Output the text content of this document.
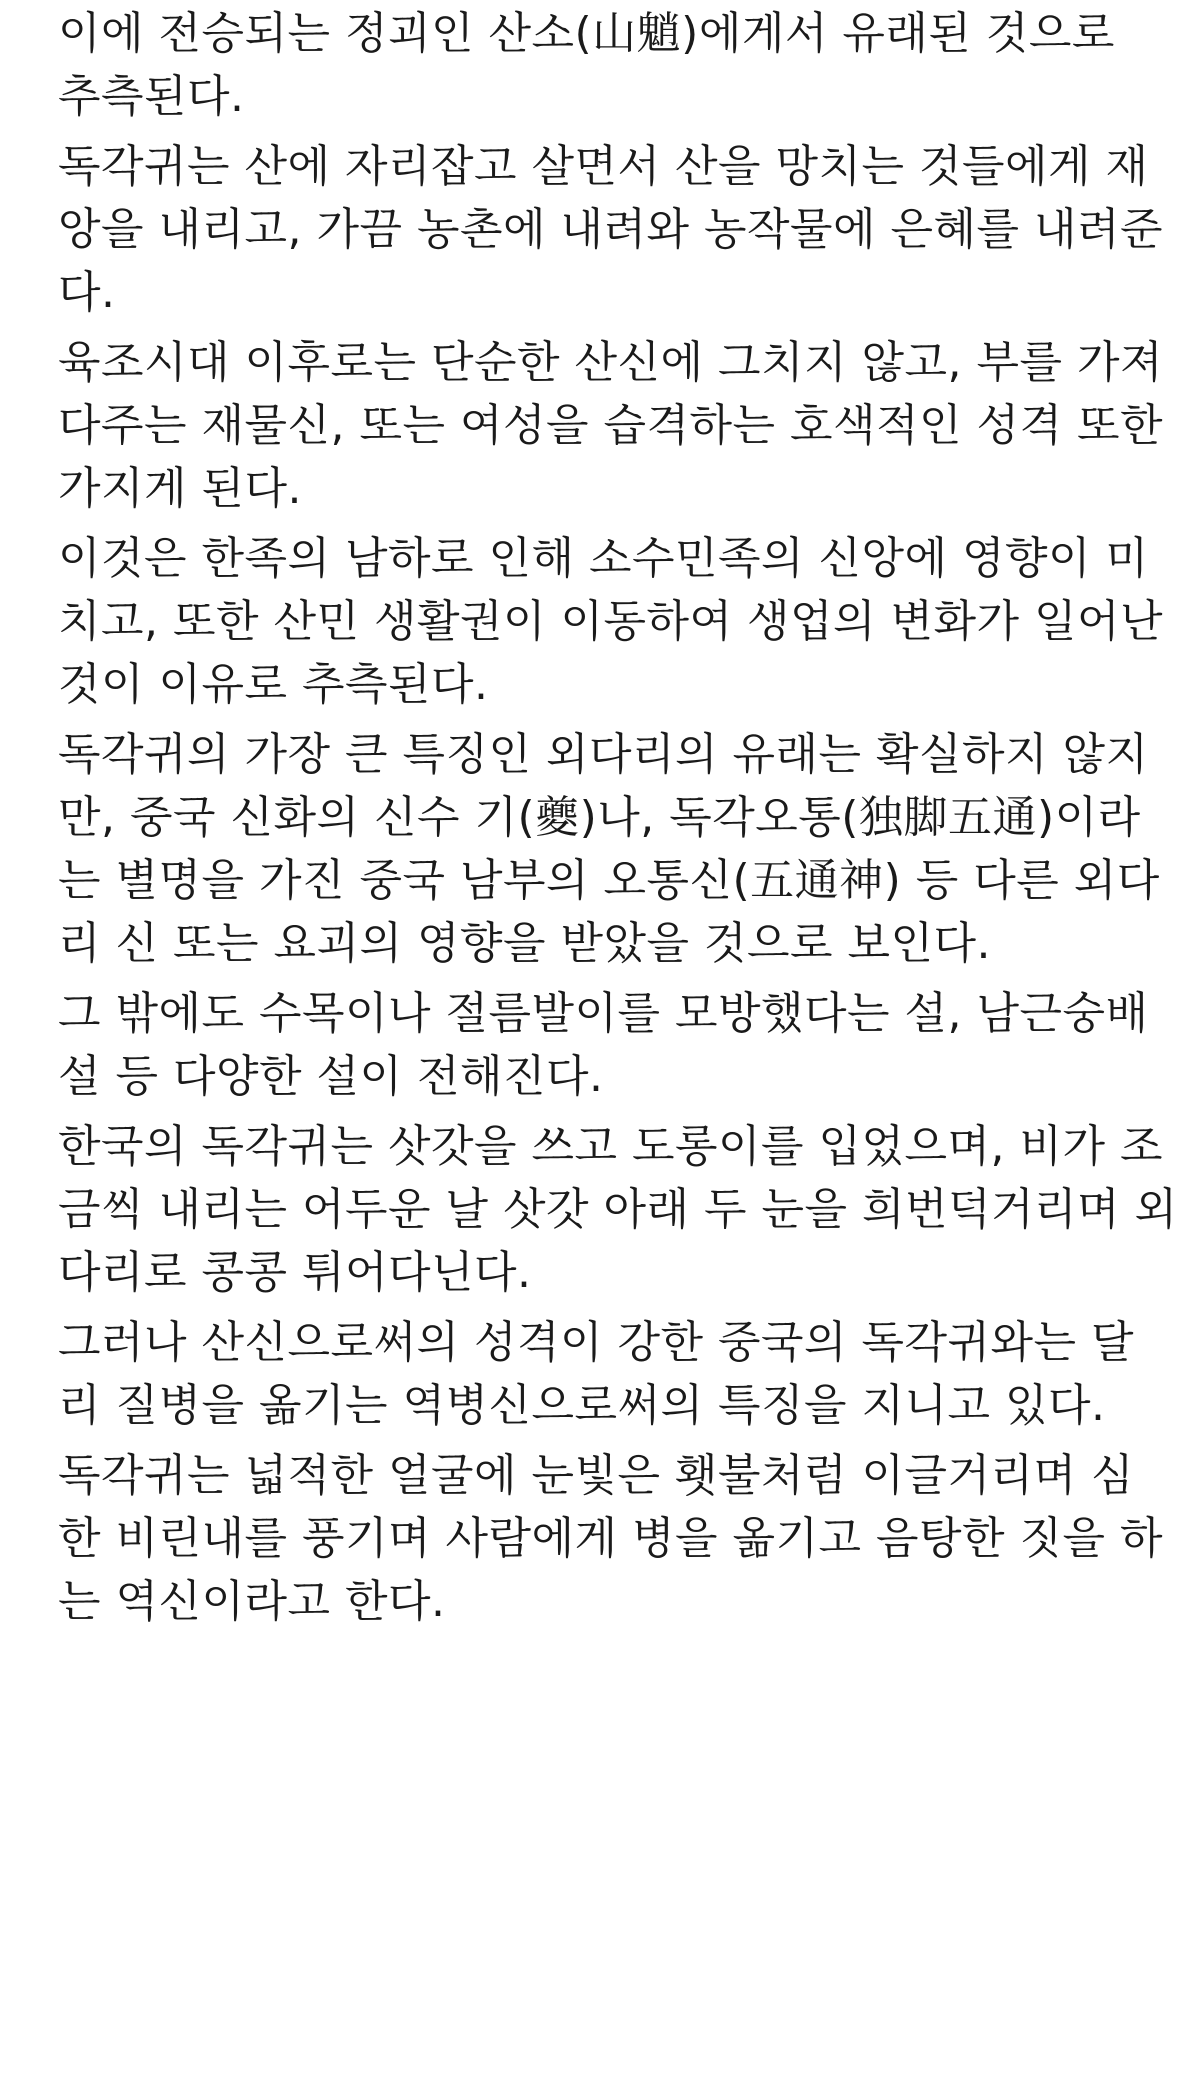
이에 전승되는 정괴인 산소(山魈)에게서 유래된 것으로
추측된다.
독각귀는 산에 자리잡고 살면서 산을 망치는 것들에게 재
앙을 내리고, 가끔 농촌에 내려와 농작물에 은혜를 내려준
다.
육조시대 이후로는 단순한 산신에 그치지 않고, 부를 가져
다주는 재물신, 또는 여성을 습격하는 호색적인 성격 또한
가지게 된다.
이것은 한족의 남하로 인해 소수민족의 신앙에 영향이 미
치고, 또한 산민 생활권이 이동하여 생업의 변화가 일어난
것이 이유로 추측된다.
독각귀의 가장 큰 특징인 외다리의 유래는 확실하지 않지
만, 중국 신화의 신수 기(夔)나, 독각오통(独脚五通)이라
는 별명을 가진 중국 남부의 오통신(五通神) 등 다른 외다
리 신 또는 요괴의 영향을 받았을 것으로 보인다.
그 밖에도 수목이나 절름발이를 모방했다는 설, 남근숭배
설 등 다양한 설이 전해진다.
한국의 독각귀는 삿갓을 쓰고 도롱이를 입었으며, 비가 조
금씩 내리는 어두운 날 삿갓 아래 두 눈을 희번덕거리며 외
다리로 콩콩 튀어다닌다.
그러나 산신으로써의 성격이 강한 중국의 독각귀와는 달
리 질병을 옮기는 역병신으로써의 특징을 지니고 있다.
독각귀는 넓적한 얼굴에 눈빛은 횃불처럼 이글거리며 심
한 비린내를 풍기며 사람에게 병을 옮기고 음탕한 짓을 하
는 역신이라고 한다.
